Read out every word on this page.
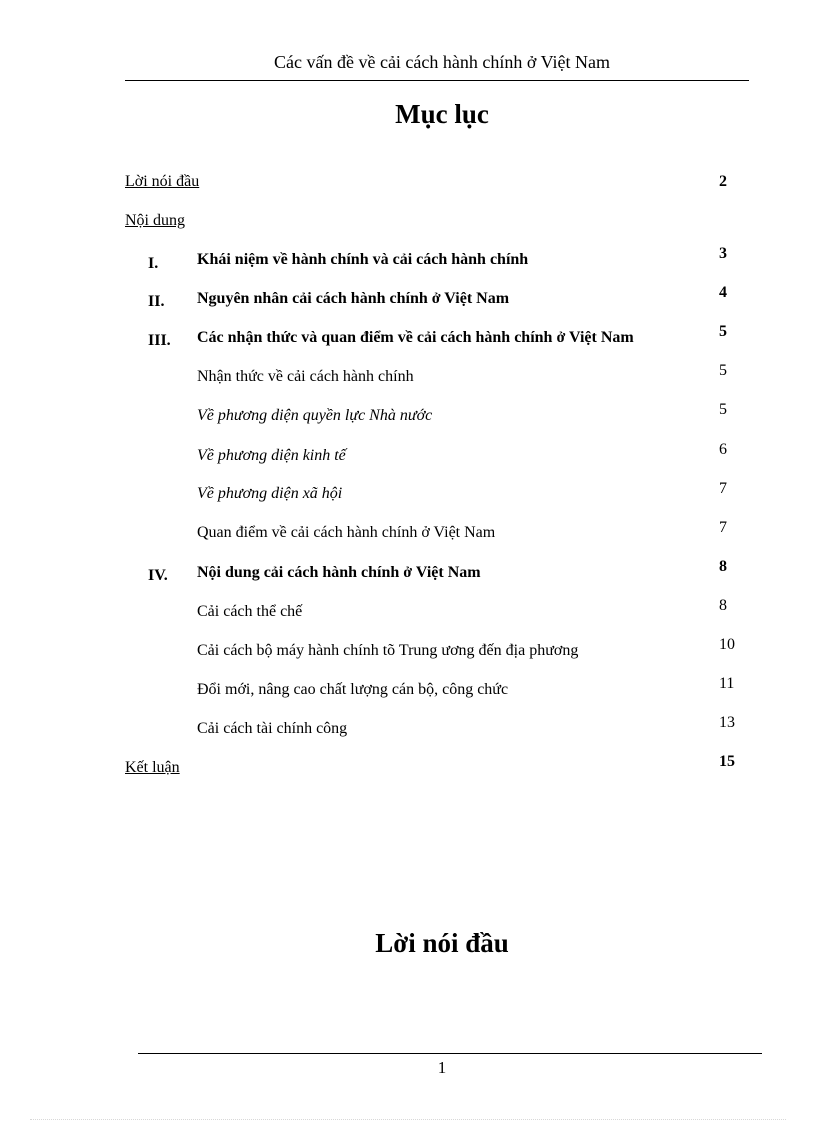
Các vấn đề về cải cách hành chính ở Việt Nam
Mục lục
Lời nói đầu	2
Nội dung
I. Khái niệm về hành chính và cải cách hành chính	3
II. Nguyên nhân cải cách hành chính ở Việt Nam	4
III. Các nhận thức và quan điểm về cải cách hành chính ở Việt Nam	5
Nhận thức về cải cách hành chính	5
Về phương diện quyền lực Nhà nước	5
Về phương diện kinh tế	6
Về phương diện xã hội	7
Quan điểm về cải cách hành chính ở Việt Nam	7
IV. Nội dung cải cách hành chính ở Việt Nam	8
Cải cách thể chế	8
Cải cách bộ máy hành chính tõ Trung ương đến địa phương	10
Đổi mới, nâng cao chất lượng cán bộ, công chức	11
Cải cách tài chính công	13
Kết luận	15
Lời nói đầu
1
